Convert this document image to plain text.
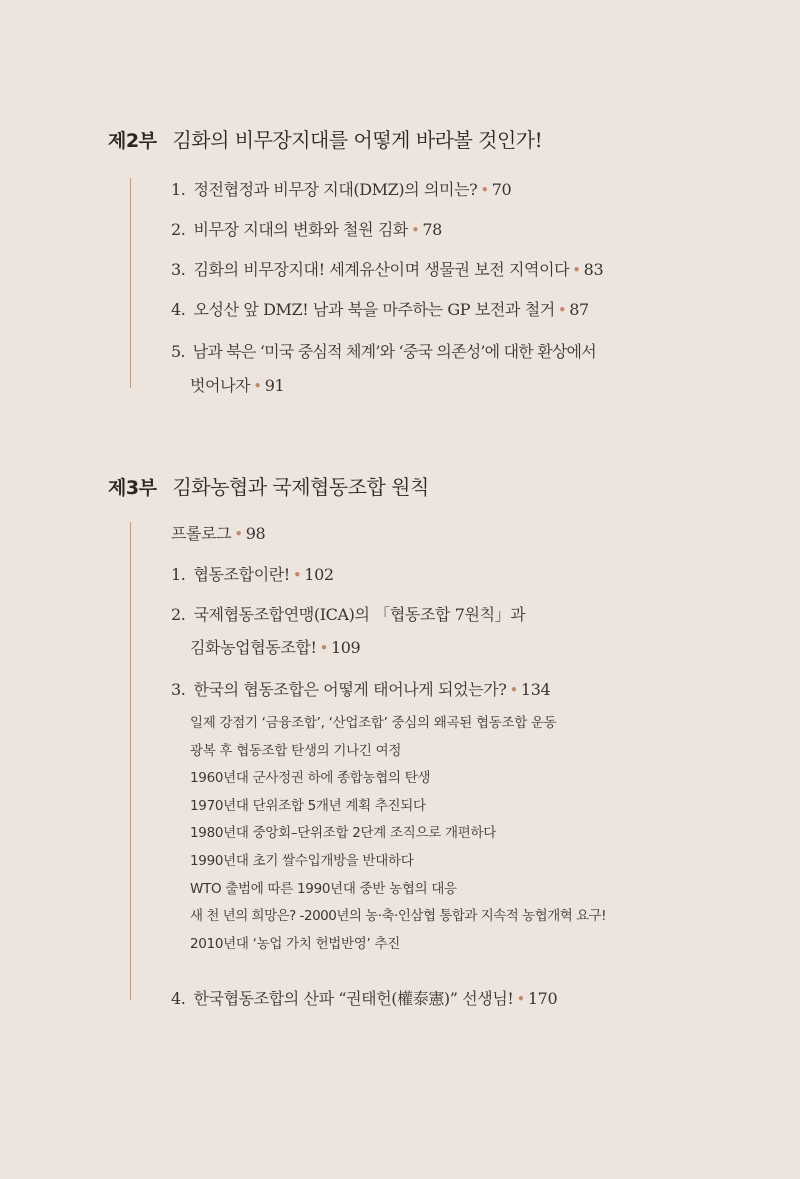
제2부 김화의 비무장지대를 어떻게 바라볼 것인가!
1. 정전협정과 비무장 지대(DMZ)의 의미는? • 70
2. 비무장 지대의 변화와 철원 김화 • 78
3. 김화의 비무장지대! 세계유산이며 생물권 보전 지역이다 • 83
4. 오성산 앞 DMZ! 남과 북을 마주하는 GP 보전과 철거 • 87
5. 남과 북은 ‘미국 중심적 체계’와 ‘중국 의존성’에 대한 환상에서
벗어나자 • 91
제3부 김화농협과 국제협동조합 원칙
프롤로그 • 98
1. 협동조합이란! • 102
2. 국제협동조합연맹(ICA)의 「협동조합 7원칙」과
김화농업협동조합! • 109
3. 한국의 협동조합은 어떻게 태어나게 되었는가? • 134
일제 강점기 ‘금융조합’, ‘산업조합’ 중심의 왜곡된 협동조합 운동
광복 후 협동조합 탄생의 기나긴 여정
1960년대 군사정권 하에 종합농협의 탄생
1970년대 단위조합 5개년 계획 추진되다
1980년대 중앙회–단위조합 2단계 조직으로 개편하다
1990년대 초기 쌀수입개방을 반대하다
WTO 출범에 따른 1990년대 중반 농협의 대응
새 천 년의 희망은? -2000년의 농·축·인삼협 통합과 지속적 농협개혁 요구!
2010년대 ‘농업 가치 헌법반영’ 추진
4. 한국협동조합의 산파 “권태헌(權泰憲)” 선생님! • 170
